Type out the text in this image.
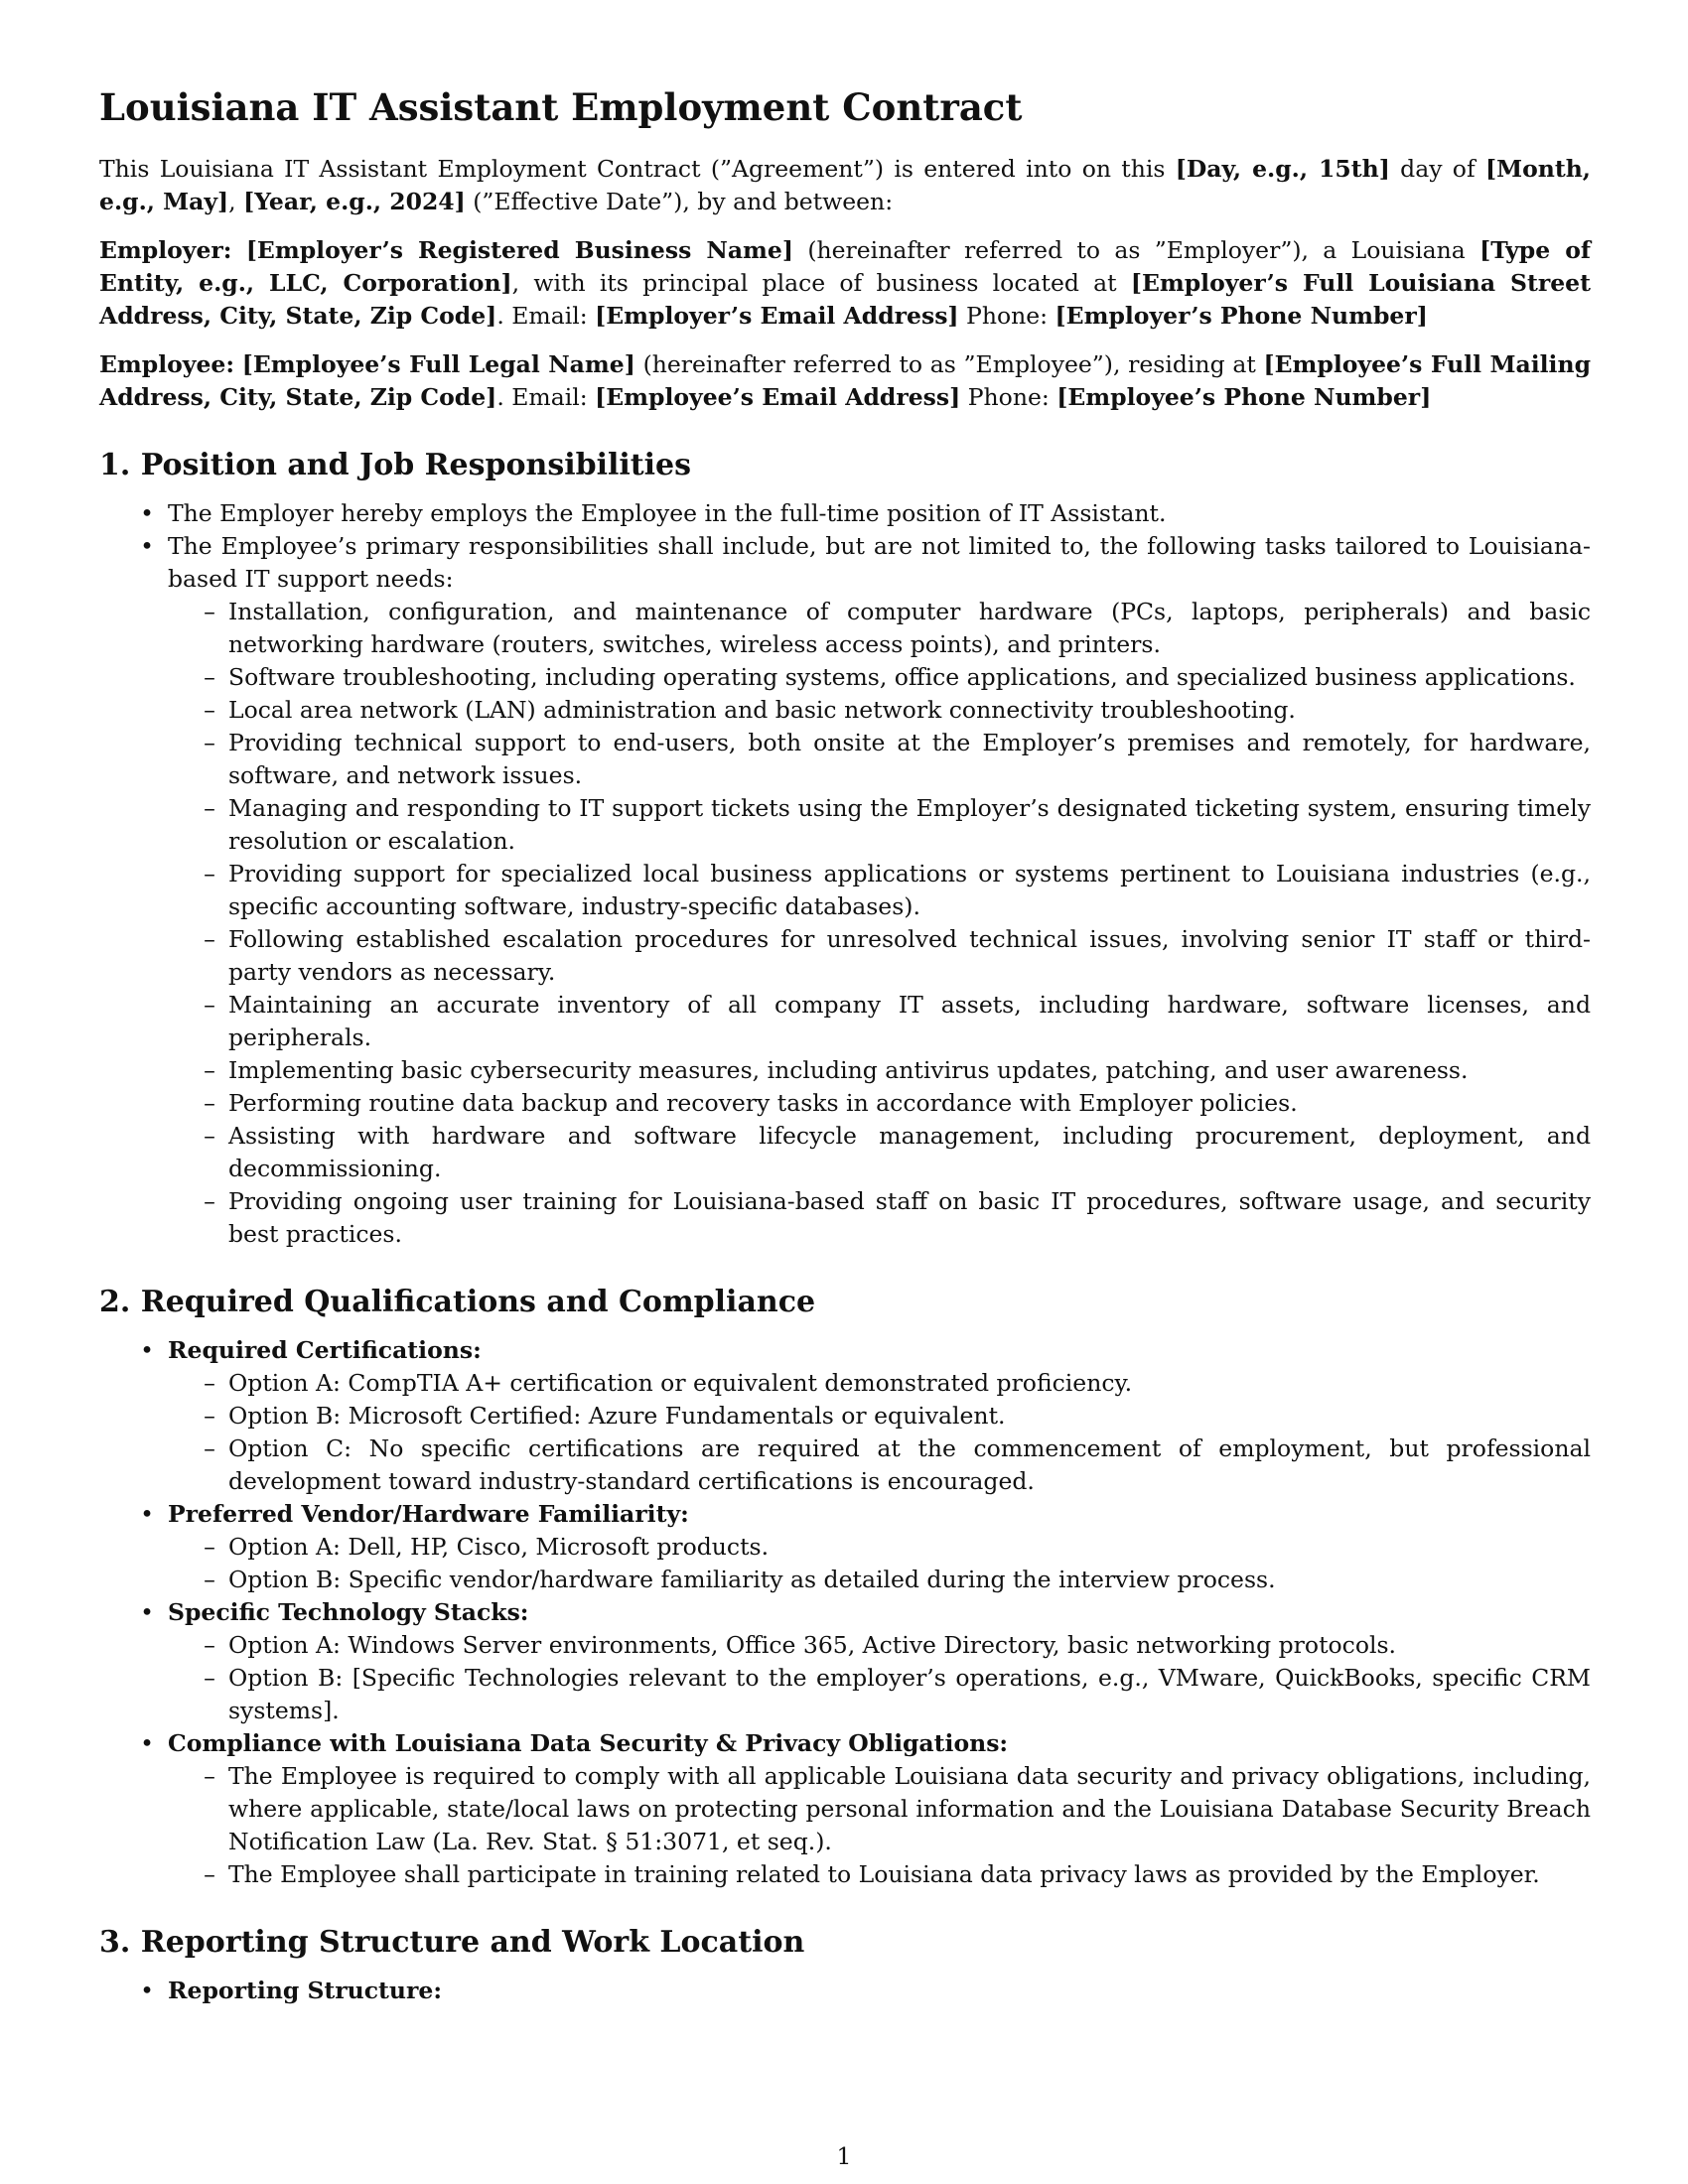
Louisiana IT Assistant Employment Contract

This Louisiana IT Assistant Employment Contract (”Agreement”) is entered into on this [Day, e.g., 15th] day of [Month, e.g., May], [Year, e.g., 2024] (”Effective Date”), by and between:

Employer: [Employer’s Registered Business Name] (hereinafter referred to as ”Employer”), a Louisiana [Type of Entity, e.g., LLC, Corporation], with its principal place of business located at [Employer’s Full Louisiana Street Address, City, State, Zip Code]. Email: [Employer’s Email Address] Phone: [Employer’s Phone Number]

Employee: [Employee’s Full Legal Name] (hereinafter referred to as ”Employee”), residing at [Employee’s Full Mailing Address, City, State, Zip Code]. Email: [Employee’s Email Address] Phone: [Employee’s Phone Number]

1. Position and Job Responsibilities
• The Employer hereby employs the Employee in the full-time position of IT Assistant.
• The Employee’s primary responsibilities shall include, but are not limited to, the following tasks tailored to Louisiana-based IT support needs:
– Installation, configuration, and maintenance of computer hardware (PCs, laptops, peripherals) and basic networking hardware (routers, switches, wireless access points), and printers.
– Software troubleshooting, including operating systems, office applications, and specialized business applications.
– Local area network (LAN) administration and basic network connectivity troubleshooting.
– Providing technical support to end-users, both onsite at the Employer’s premises and remotely, for hardware, software, and network issues.
– Managing and responding to IT support tickets using the Employer’s designated ticketing system, ensuring timely resolution or escalation.
– Providing support for specialized local business applications or systems pertinent to Louisiana industries (e.g., specific accounting software, industry-specific databases).
– Following established escalation procedures for unresolved technical issues, involving senior IT staff or third-party vendors as necessary.
– Maintaining an accurate inventory of all company IT assets, including hardware, software licenses, and peripherals.
– Implementing basic cybersecurity measures, including antivirus updates, patching, and user awareness.
– Performing routine data backup and recovery tasks in accordance with Employer policies.
– Assisting with hardware and software lifecycle management, including procurement, deployment, and decommissioning.
– Providing ongoing user training for Louisiana-based staff on basic IT procedures, software usage, and security best practices.
2. Required Qualifications and Compliance
• Required Certifications:
– Option A: CompTIA A+ certification or equivalent demonstrated proficiency.
– Option B: Microsoft Certified: Azure Fundamentals or equivalent.
– Option C: No specific certifications are required at the commencement of employment, but professional development toward industry-standard certifications is encouraged.
• Preferred Vendor/Hardware Familiarity:
– Option A: Dell, HP, Cisco, Microsoft products.
– Option B: Specific vendor/hardware familiarity as detailed during the interview process.
• Specific Technology Stacks:
– Option A: Windows Server environments, Office 365, Active Directory, basic networking protocols.
– Option B: [Specific Technologies relevant to the employer’s operations, e.g., VMware, QuickBooks, specific CRM systems].
• Compliance with Louisiana Data Security & Privacy Obligations:
– The Employee is required to comply with all applicable Louisiana data security and privacy obligations, including, where applicable, state/local laws on protecting personal information and the Louisiana Database Security Breach Notification Law (La. Rev. Stat. § 51:3071, et seq.).
– The Employee shall participate in training related to Louisiana data privacy laws as provided by the Employer.
3. Reporting Structure and Work Location
• Reporting Structure:
1
